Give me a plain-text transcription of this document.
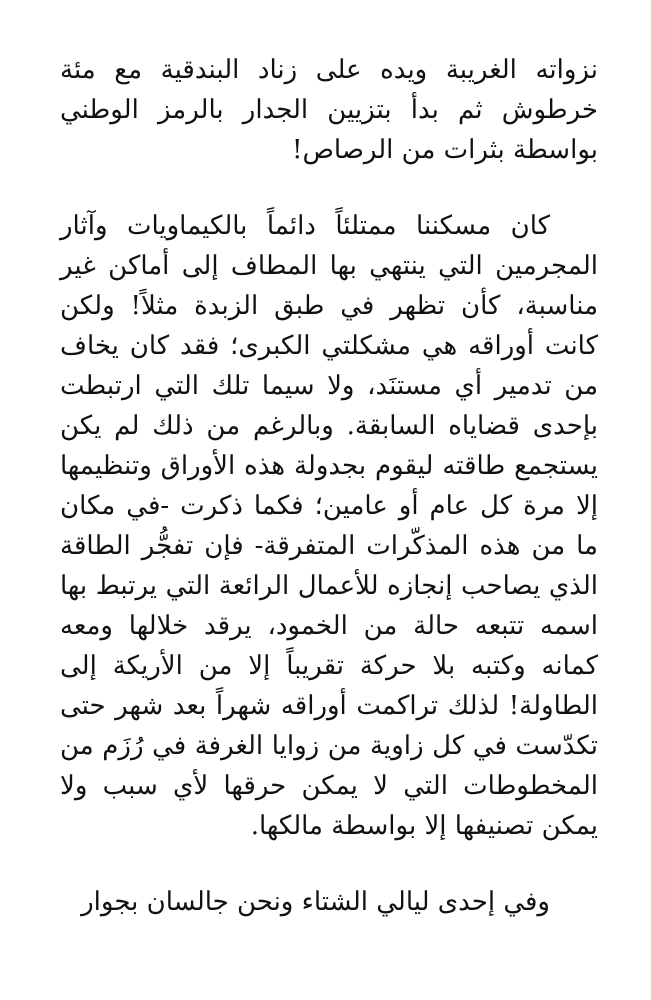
نزواته الغريبة ويده على زناد البندقية مع مئة خرطوش ثم بدأ بتزيين الجدار بالرمز الوطني بواسطة بثرات من الرصاص!

كان مسكننا ممتلئاً دائماً بالكيماويات وآثار المجرمين التي ينتهي بها المطاف إلى أماكن غير مناسبة، كأن تظهر في طبق الزبدة مثلاً! ولكن كانت أوراقه هي مشكلتي الكبرى؛ فقد كان يخاف من تدمير أي مستنَد، ولا سيما تلك التي ارتبطت بإحدى قضاياه السابقة. وبالرغم من ذلك لم يكن يستجمع طاقته ليقوم بجدولة هذه الأوراق وتنظيمها إلا مرة كل عام أو عامين؛ فكما ذكرت -في مكان ما من هذه المذكّرات المتفرقة- فإن تفجُّر الطاقة الذي يصاحب إنجازه للأعمال الرائعة التي يرتبط بها اسمه تتبعه حالة من الخمود، يرقد خلالها ومعه كمانه وكتبه بلا حركة تقريباً إلا من الأريكة إلى الطاولة! لذلك تراكمت أوراقه شهراً بعد شهر حتى تكدّست في كل زاوية من زوايا الغرفة في رُزَم من المخطوطات التي لا يمكن حرقها لأي سبب ولا يمكن تصنيفها إلا بواسطة مالكها.

وفي إحدى ليالي الشتاء ونحن جالسان بجوار
